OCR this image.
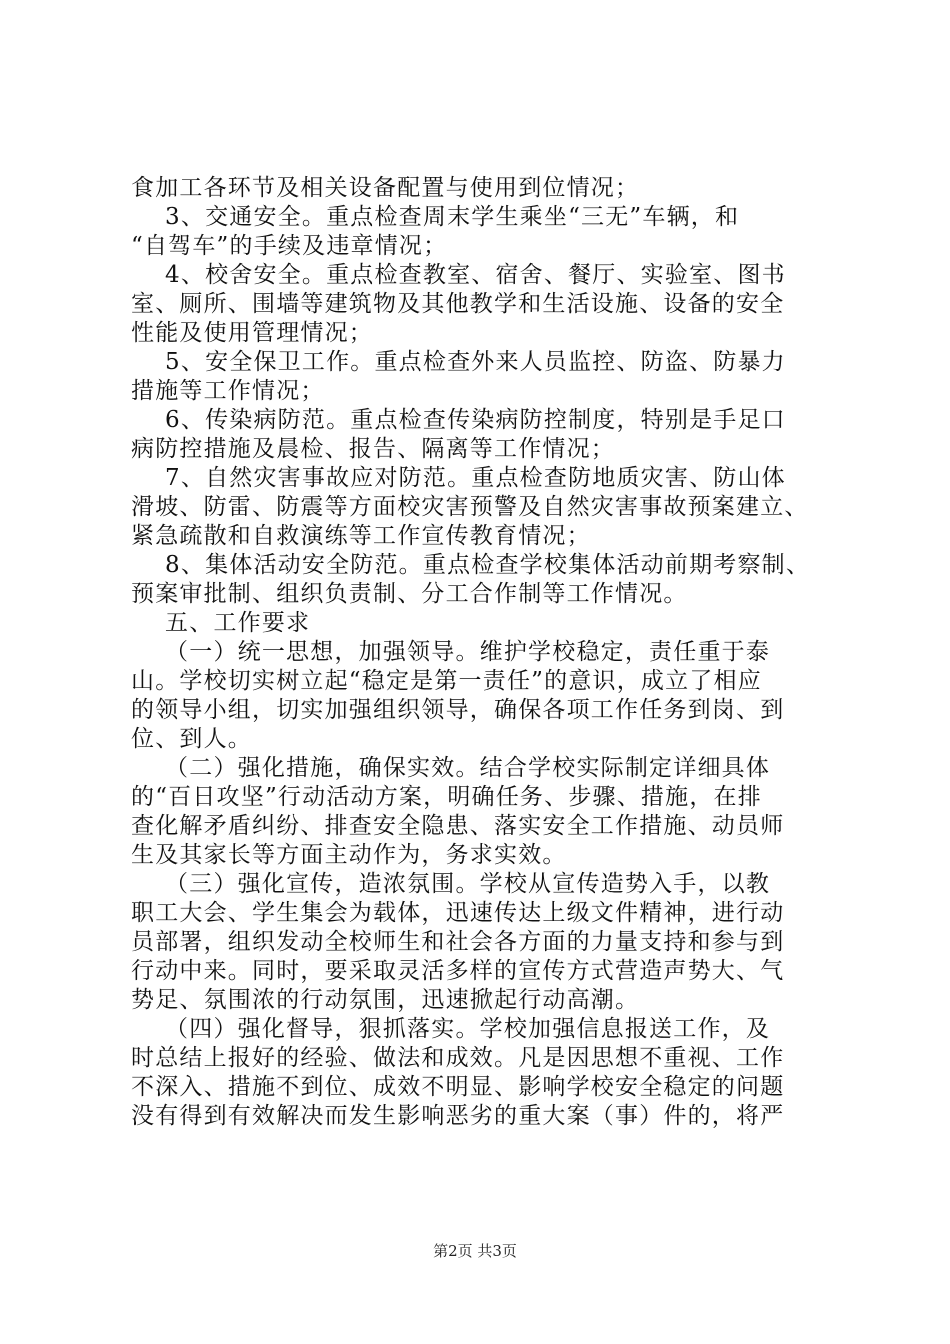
食加工各环节及相关设备配置与使用到位情况；
3、交通安全。重点检查周末学生乘坐“三无”车辆，和
“自驾车”的手续及违章情况；
4、校舍安全。重点检查教室、宿舍、餐厅、实验室、图书
室、厕所、围墙等建筑物及其他教学和生活设施、设备的安全
性能及使用管理情况；
5、安全保卫工作。重点检查外来人员监控、防盗、防暴力
措施等工作情况；
6、传染病防范。重点检查传染病防控制度，特别是手足口
病防控措施及晨检、报告、隔离等工作情况；
7、自然灾害事故应对防范。重点检查防地质灾害、防山体
滑坡、防雷、防震等方面校灾害预警及自然灾害事故预案建立、
紧急疏散和自救演练等工作宣传教育情况；
8、集体活动安全防范。重点检查学校集体活动前期考察制、
预案审批制、组织负责制、分工合作制等工作情况。
五、工作要求
（一）统一思想，加强领导。维护学校稳定，责任重于泰
山。学校切实树立起“稳定是第一责任”的意识，成立了相应
的领导小组，切实加强组织领导，确保各项工作任务到岗、到
位、到人。
（二）强化措施，确保实效。结合学校实际制定详细具体
的“百日攻坚”行动活动方案，明确任务、步骤、措施，在排
查化解矛盾纠纷、排查安全隐患、落实安全工作措施、动员师
生及其家长等方面主动作为，务求实效。
（三）强化宣传，造浓氛围。学校从宣传造势入手，以教
职工大会、学生集会为载体，迅速传达上级文件精神，进行动
员部署，组织发动全校师生和社会各方面的力量支持和参与到
行动中来。同时，要采取灵活多样的宣传方式营造声势大、气
势足、氛围浓的行动氛围，迅速掀起行动高潮。
（四）强化督导，狠抓落实。学校加强信息报送工作，及
时总结上报好的经验、做法和成效。凡是因思想不重视、工作
不深入、措施不到位、成效不明显、影响学校安全稳定的问题
没有得到有效解决而发生影响恶劣的重大案（事）件的，将严
第2页 共3页
